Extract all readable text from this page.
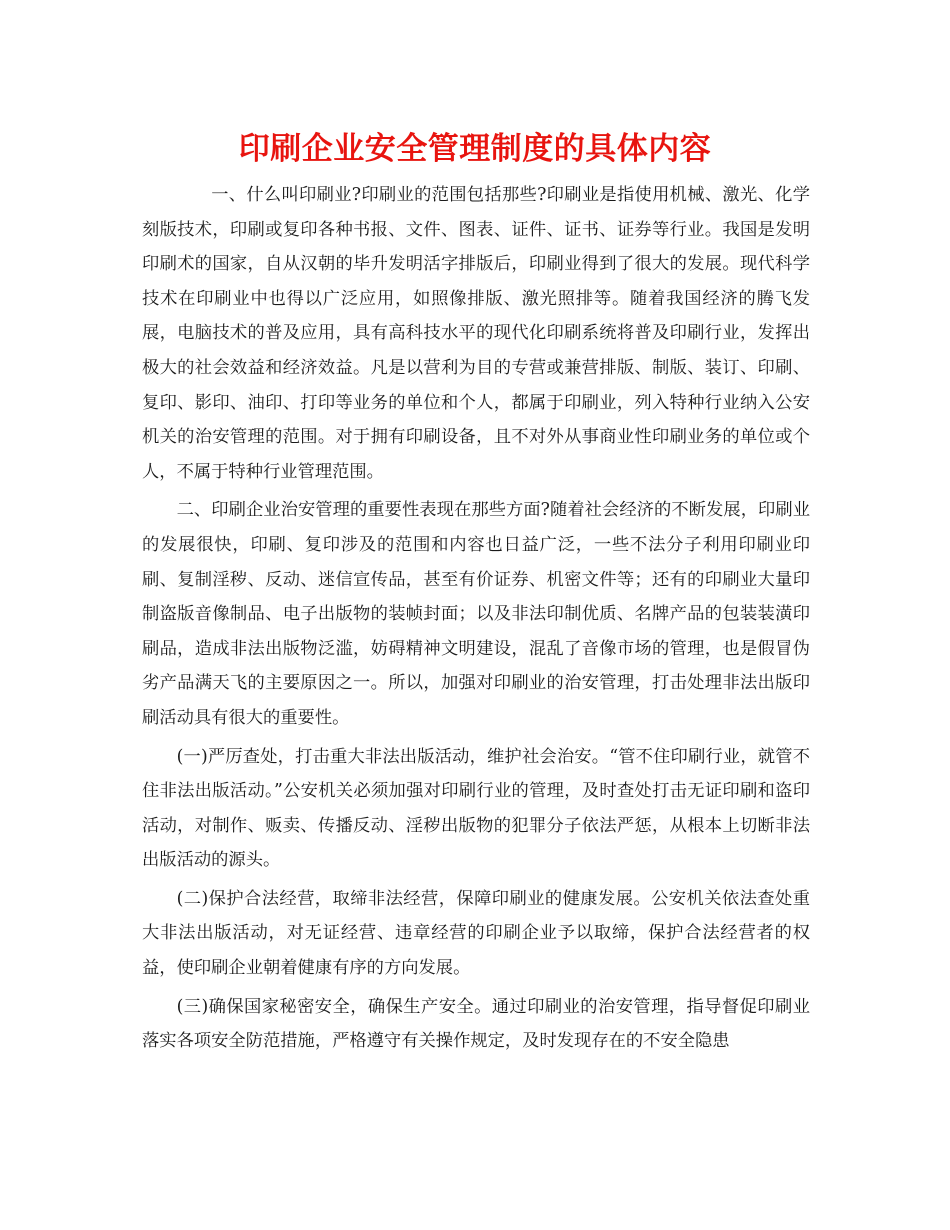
印刷企业安全管理制度的具体内容

一、什么叫印刷业?印刷业的范围包括那些?印刷业是指使用机械、激光、化学刻版技术，印刷或复印各种书报、文件、图表、证件、证书、证券等行业。我国是发明印刷术的国家，自从汉朝的毕升发明活字排版后，印刷业得到了很大的发展。现代科学技术在印刷业中也得以广泛应用，如照像排版、激光照排等。随着我国经济的腾飞发展，电脑技术的普及应用，具有高科技水平的现代化印刷系统将普及印刷行业，发挥出极大的社会效益和经济效益。凡是以营利为目的专营或兼营排版、制版、装订、印刷、复印、影印、油印、打印等业务的单位和个人，都属于印刷业，列入特种行业纳入公安机关的治安管理的范围。对于拥有印刷设备，且不对外从事商业性印刷业务的单位或个人，不属于特种行业管理范围。

二、印刷企业治安管理的重要性表现在那些方面?随着社会经济的不断发展，印刷业的发展很快，印刷、复印涉及的范围和内容也日益广泛，一些不法分子利用印刷业印刷、复制淫秽、反动、迷信宣传品，甚至有价证券、机密文件等；还有的印刷业大量印制盗版音像制品、电子出版物的装帧封面；以及非法印制优质、名牌产品的包装装潢印刷品，造成非法出版物泛滥，妨碍精神文明建设，混乱了音像市场的管理，也是假冒伪劣产品满天飞的主要原因之一。所以，加强对印刷业的治安管理，打击处理非法出版印刷活动具有很大的重要性。

(一)严厉查处，打击重大非法出版活动，维护社会治安。“管不住印刷行业，就管不住非法出版活动。”公安机关必须加强对印刷行业的管理，及时查处打击无证印刷和盗印活动，对制作、贩卖、传播反动、淫秽出版物的犯罪分子依法严惩，从根本上切断非法出版活动的源头。

(二)保护合法经营，取缔非法经营，保障印刷业的健康发展。公安机关依法查处重大非法出版活动，对无证经营、违章经营的印刷企业予以取缔，保护合法经营者的权益，使印刷企业朝着健康有序的方向发展。

(三)确保国家秘密安全，确保生产安全。通过印刷业的治安管理，指导督促印刷业落实各项安全防范措施，严格遵守有关操作规定，及时发现存在的不安全隐患
